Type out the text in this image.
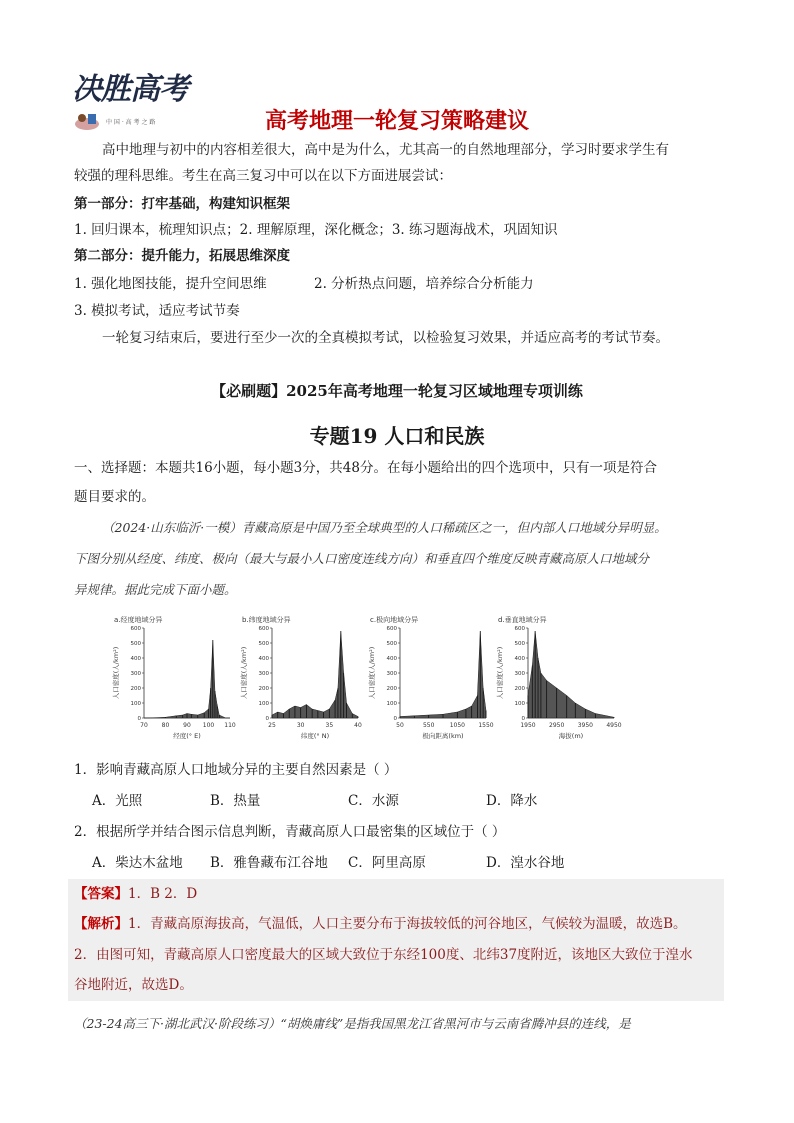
决胜高考
中 国 · 高 考 之 路	高考地理一轮复习策略建议
高中地理与初中的内容相差很大，高中是为什么，尤其高一的自然地理部分，学习时要求学生有
较强的理科思维。考生在高三复习中可以在以下方面进展尝试：
第一部分：打牢基础，构建知识框架
1. 回归课本，梳理知识点；2. 理解原理，深化概念；3. 练习题海战术，巩固知识
第二部分：提升能力，拓展思维深度
1. 强化地图技能，提升空间思维	2. 分析热点问题，培养综合分析能力
3. 模拟考试，适应考试节奏
一轮复习结束后，要进行至少一次的全真模拟考试，以检验复习效果，并适应高考的考试节奏。
【必刷题】2025年高考地理一轮复习区域地理专项训练
专题19 人口和民族
一、选择题：本题共16小题，每小题3分，共48分。在每小题给出的四个选项中，只有一项是符合
题目要求的。
（2024·山东临沂·一模）青藏高原是中国乃至全球典型的人口稀疏区之一，但内部人口地域分异明显。
下图分别从经度、纬度、极向（最大与最小人口密度连线方向）和垂直四个维度反映青藏高原人口地域分
异规律。据此完成下面小题。
a.经度地域分异
人口密度(人/km²)
0
100
200
300
400
500
600
70 80 90 100 110
经度(° E)
b.纬度地域分异
人口密度(人/km²)
0
100
200
300
400
500
600
25	30	35	40
纬度(° N)
c.极向地域分异
人口密度(人/km²)
0
100
200
300
400
500
600
50	550	1050 1550
极向距离(km)
d.垂直地域分异
人口密度(人/km²)
0
100
200
300
400
500
600
1950 2950 3950 4950
海拔(m)
1．影响青藏高原人口地域分异的主要自然因素是（ ）
A．光照	B．热量	C．水源	D．降水
2．根据所学并结合图示信息判断，青藏高原人口最密集的区域位于（ ）
A．柴达木盆地 B．雅鲁藏布江谷地 C．阿里高原	D．湟水谷地
【答案】1．B 2．D
【解析】1．青藏高原海拔高，气温低，人口主要分布于海拔较低的河谷地区，气候较为温暖，故选B。
2．由图可知，青藏高原人口密度最大的区域大致位于东经100度、北纬37度附近，该地区大致位于湟水
谷地附近，故选D。
（23-24高三下·湖北武汉·阶段练习）“胡焕庸线”是指我国黑龙江省黑河市与云南省腾冲县的连线，是
